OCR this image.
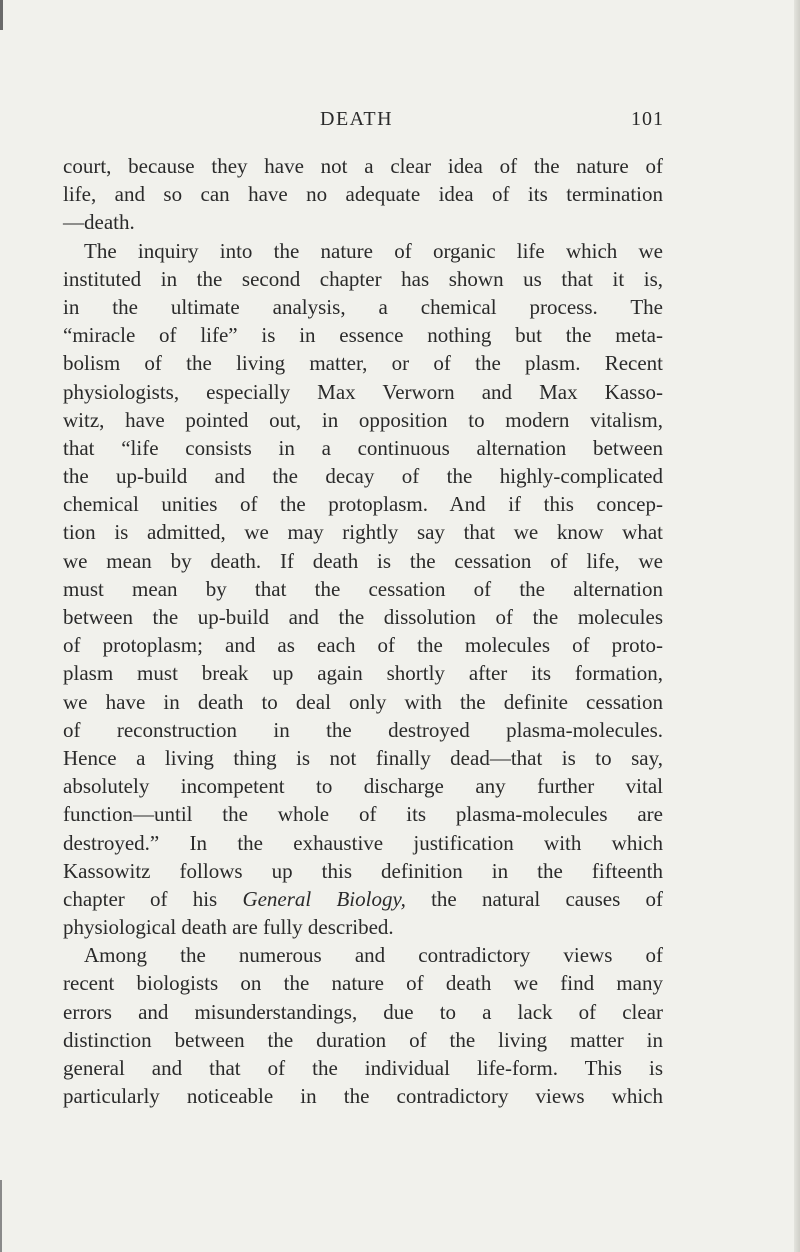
DEATH	101
court, because they have not a clear idea of the nature of
life, and so can have no adequate idea of its termination
—death.
The inquiry into the nature of organic life which we
instituted in the second chapter has shown us that it is,
in the ultimate analysis, a chemical process. The
“miracle of life” is in essence nothing but the meta-
bolism of the living matter, or of the plasm. Recent
physiologists, especially Max Verworn and Max Kasso-
witz, have pointed out, in opposition to modern vitalism,
that “life consists in a continuous alternation between
the up-build and the decay of the highly-complicated
chemical unities of the protoplasm. And if this concep-
tion is admitted, we may rightly say that we know what
we mean by death. If death is the cessation of life, we
must mean by that the cessation of the alternation
between the up-build and the dissolution of the molecules
of protoplasm; and as each of the molecules of proto-
plasm must break up again shortly after its formation,
we have in death to deal only with the definite cessation
of reconstruction in the destroyed plasma-molecules.
Hence a living thing is not finally dead—that is to say,
absolutely incompetent to discharge any further vital
function—until the whole of its plasma-molecules are
destroyed.” In the exhaustive justification with which
Kassowitz follows up this definition in the fifteenth
chapter of his General Biology, the natural causes of
physiological death are fully described.
Among the numerous and contradictory views of
recent biologists on the nature of death we find many
errors and misunderstandings, due to a lack of clear
distinction between the duration of the living matter in
general and that of the individual life-form. This is
particularly noticeable in the contradictory views which
